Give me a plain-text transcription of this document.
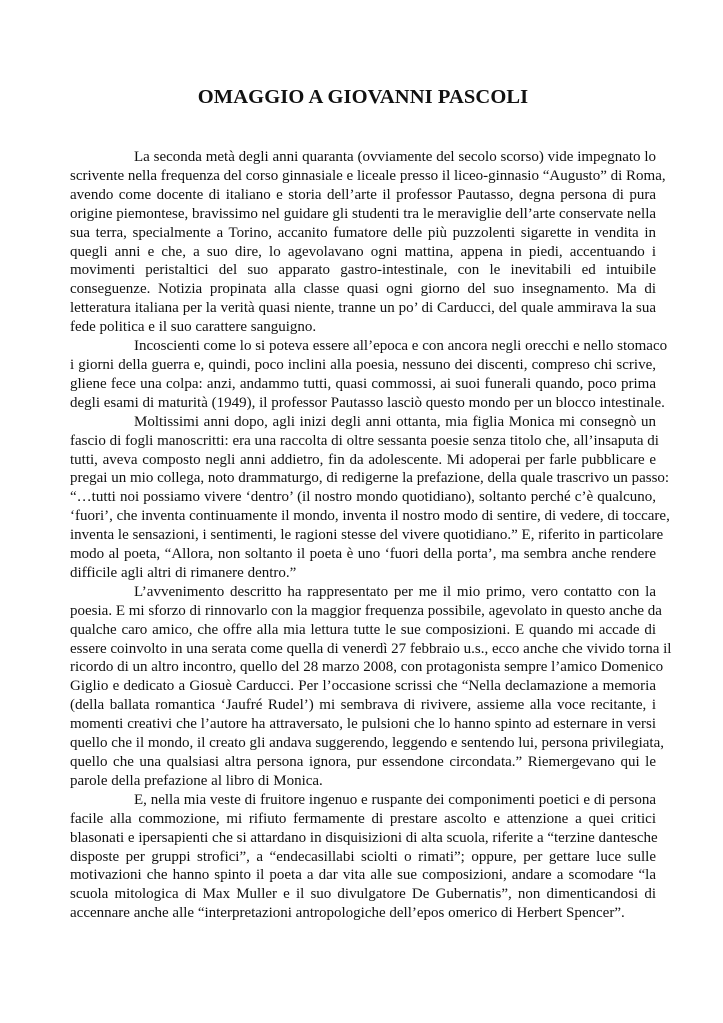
OMAGGIO A GIOVANNI PASCOLI

La seconda metà degli anni quaranta (ovviamente del secolo scorso) vide impegnato lo
scrivente nella frequenza del corso ginnasiale e liceale presso il liceo-ginnasio “Augusto” di Roma,
avendo come docente di italiano e storia dell’arte il professor Pautasso, degna persona di pura
origine piemontese, bravissimo nel guidare gli studenti tra le meraviglie dell’arte conservate nella
sua terra, specialmente a Torino, accanito fumatore delle più puzzolenti sigarette in vendita in
quegli anni e che, a suo dire, lo agevolavano ogni mattina, appena in piedi, accentuando i
movimenti peristaltici del suo apparato gastro-intestinale, con le inevitabili ed intuibile
conseguenze. Notizia propinata alla classe quasi ogni giorno del suo insegnamento. Ma di
letteratura italiana per la verità quasi niente, tranne un po’ di Carducci, del quale ammirava la sua
fede politica e il suo carattere sanguigno.

Incoscienti come lo si poteva essere all’epoca e con ancora negli orecchi e nello stomaco
i giorni della guerra e, quindi, poco inclini alla poesia, nessuno dei discenti, compreso chi scrive,
gliene fece una colpa: anzi, andammo tutti, quasi commossi, ai suoi funerali quando, poco prima
degli esami di maturità (1949), il professor Pautasso lasciò questo mondo per un blocco intestinale.

Moltissimi anni dopo, agli inizi degli anni ottanta, mia figlia Monica mi consegnò un
fascio di fogli manoscritti: era una raccolta di oltre sessanta poesie senza titolo che, all’insaputa di
tutti, aveva composto negli anni addietro, fin da adolescente. Mi adoperai per farle pubblicare e
pregai un mio collega, noto drammaturgo, di redigerne la prefazione, della quale trascrivo un passo:
“…tutti noi possiamo vivere ‘dentro’ (il nostro mondo quotidiano), soltanto perché c’è qualcuno,
‘fuori’, che inventa continuamente il mondo, inventa il nostro modo di sentire, di vedere, di toccare,
inventa le sensazioni, i sentimenti, le ragioni stesse del vivere quotidiano.” E, riferito in particolare
modo al poeta, “Allora, non soltanto il poeta è uno ‘fuori della porta’, ma sembra anche rendere
difficile agli altri di rimanere dentro.”

L’avvenimento descritto ha rappresentato per me il mio primo, vero contatto con la
poesia. E mi sforzo di rinnovarlo con la maggior frequenza possibile, agevolato in questo anche da
qualche caro amico, che offre alla mia lettura tutte le sue composizioni. E quando mi accade di
essere coinvolto in una serata come quella di venerdì 27 febbraio u.s., ecco anche che vivido torna il
ricordo di un altro incontro, quello del 28 marzo 2008, con protagonista sempre l’amico Domenico
Giglio e dedicato a Giosuè Carducci. Per l’occasione scrissi che “Nella declamazione a memoria
(della ballata romantica ‘Jaufré Rudel’) mi sembrava di rivivere, assieme alla voce recitante, i
momenti creativi che l’autore ha attraversato, le pulsioni che lo hanno spinto ad esternare in versi
quello che il mondo, il creato gli andava suggerendo, leggendo e sentendo lui, persona privilegiata,
quello che una qualsiasi altra persona ignora, pur essendone circondata.” Riemergevano qui le
parole della prefazione al libro di Monica.

E, nella mia veste di fruitore ingenuo e ruspante dei componimenti poetici e di persona
facile alla commozione, mi rifiuto fermamente di prestare ascolto e attenzione a quei critici
blasonati e ipersapienti che si attardano in disquisizioni di alta scuola, riferite a “terzine dantesche
disposte per gruppi strofici”, a “endecasillabi sciolti o rimati”; oppure, per gettare luce sulle
motivazioni che hanno spinto il poeta a dar vita alle sue composizioni, andare a scomodare “la
scuola mitologica di Max Muller e il suo divulgatore De Gubernatis”, non dimenticandosi di
accennare anche alle “interpretazioni antropologiche dell’epos omerico di Herbert Spencer”.
